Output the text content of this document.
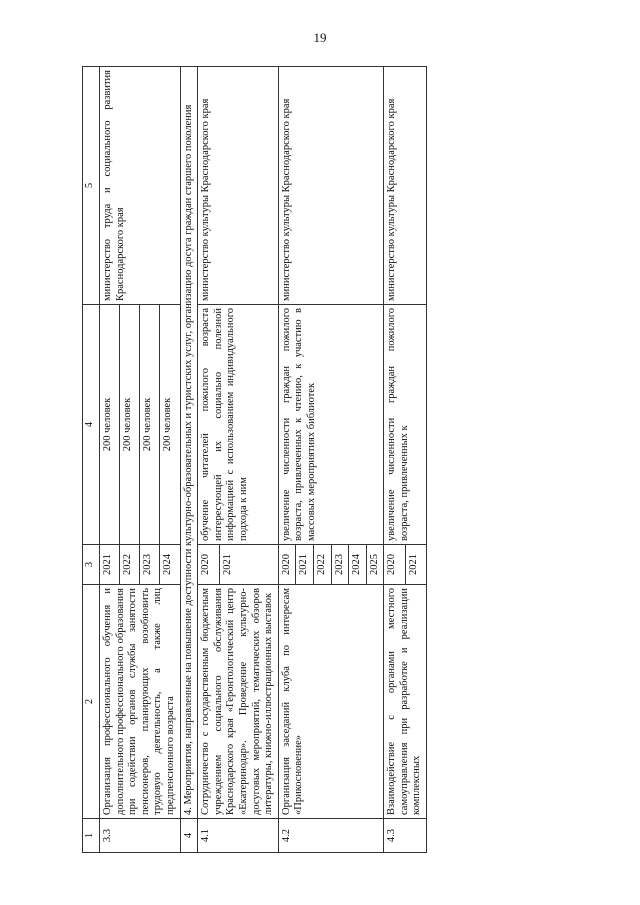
19
1	2	3	4	5
3.3	Организация профессионального обучения и дополнительного профессионального образования при содействии органов службы занятости пенсионеров, планирующих возобновить трудовую деятельность, а также лиц предпенсионного возраста	2021	200 человек	министерство труда и социального развития Краснодарского края
		2022	200 человек	
		2023	200 человек	
		2024	200 человек	
4	4. Мероприятия, направленные на повышение доступности культурно-образовательных и туристских услуг, организацию досуга граждан старшего поколения			
4.1	Сотрудничество с государственным бюджетным учреждением социального обслуживания Краснодарского края «Геронтологический центр «Екатеринодар». Проведение культурно-досуговых мероприятий, тематических обзоров литературы, книжно-иллюстрационных выставок	2020	обучение читателей пожилого возраста интересующей их социально полезной информацией с использованием индивидуального подхода к ним	министерство культуры Краснодарского края
		2021		
4.2	Организация заседаний клуба по интересам «Прикосновение»	2020	увеличение численности граждан пожилого возраста, привлеченных к чтению, к участию в массовых мероприятиях библиотек	министерство культуры Краснодарского края
		2021		
		2022		
		2023		
		2024		
		2025		
4.3	Взаимодействие с органами местного самоуправления при разработке и реализации комплексных	2020	увеличение численности граждан пожилого возраста, привлеченных к	министерство культуры Краснодарского края
		2021		
